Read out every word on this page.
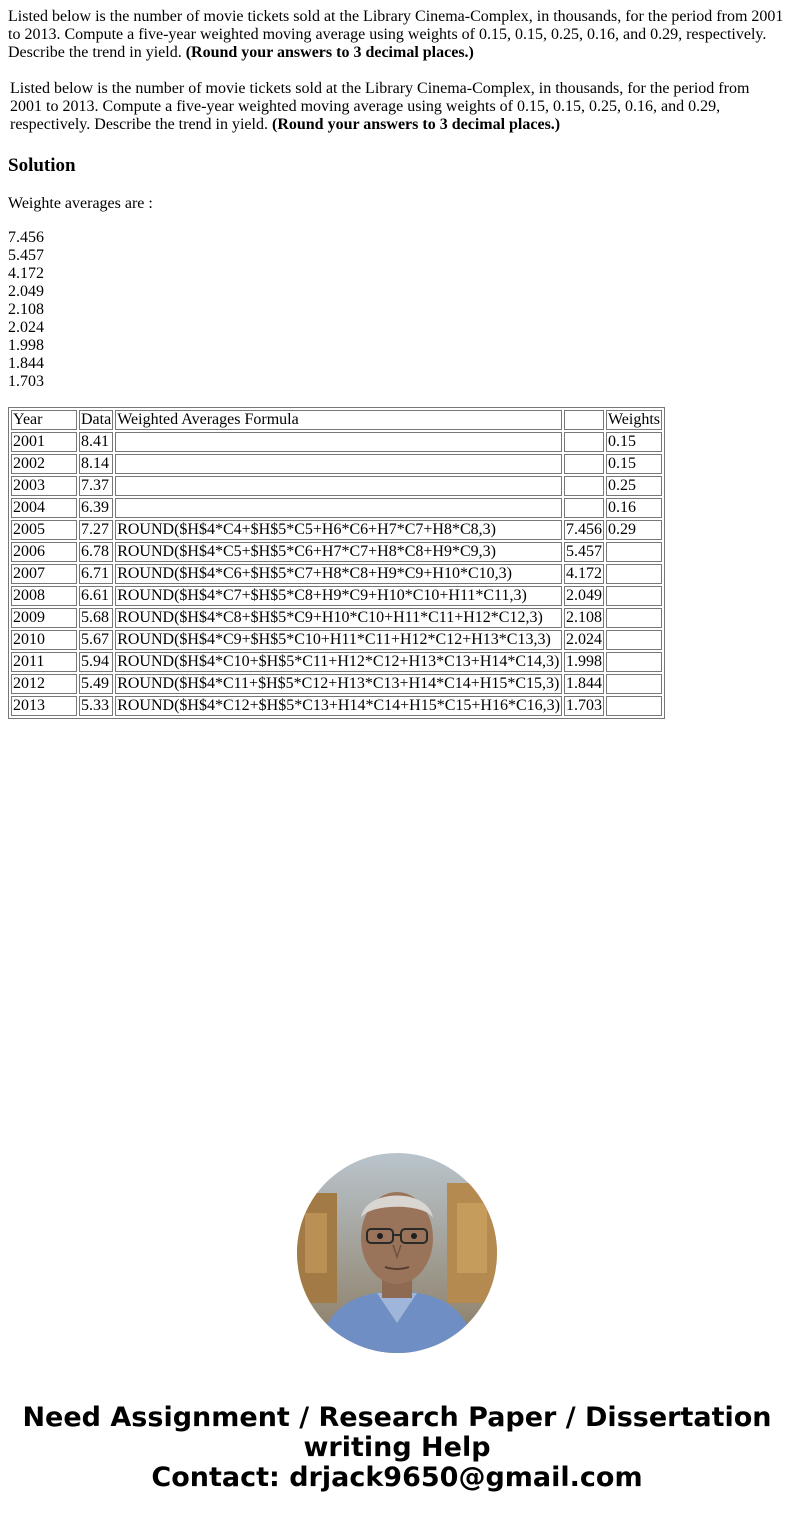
Listed below is the number of movie tickets sold at the Library Cinema-Complex, in thousands, for the period from 2001 to 2013. Compute a five-year weighted moving average using weights of 0.15, 0.15, 0.25, 0.16, and 0.29, respectively. Describe the trend in yield. (Round your answers to 3 decimal places.)

Listed below is the number of movie tickets sold at the Library Cinema-Complex, in thousands, for the period from 2001 to 2013. Compute a five-year weighted moving average using weights of 0.15, 0.15, 0.25, 0.16, and 0.29, respectively. Describe the trend in yield. (Round your answers to 3 decimal places.)

Solution

Weighte averages are :

7.456
5.457
4.172
2.049
2.108
2.024
1.998
1.844
1.703
Year	Data	Weighted Averages Formula		Weights
2001	8.41			0.15
2002	8.14			0.15
2003	7.37			0.25
2004	6.39			0.16
2005	7.27	ROUND($H$4*C4+$H$5*C5+H6*C6+H7*C7+H8*C8,3)	7.456	0.29
2006	6.78	ROUND($H$4*C5+$H$5*C6+H7*C7+H8*C8+H9*C9,3)	5.457	
2007	6.71	ROUND($H$4*C6+$H$5*C7+H8*C8+H9*C9+H10*C10,3)	4.172	
2008	6.61	ROUND($H$4*C7+$H$5*C8+H9*C9+H10*C10+H11*C11,3)	2.049	
2009	5.68	ROUND($H$4*C8+$H$5*C9+H10*C10+H11*C11+H12*C12,3)	2.108	
2010	5.67	ROUND($H$4*C9+$H$5*C10+H11*C11+H12*C12+H13*C13,3)	2.024	
2011	5.94	ROUND($H$4*C10+$H$5*C11+H12*C12+H13*C13+H14*C14,3)	1.998	
2012	5.49	ROUND($H$4*C11+$H$5*C12+H13*C13+H14*C14+H15*C15,3)	1.844	
2013	5.33	ROUND($H$4*C12+$H$5*C13+H14*C14+H15*C15+H16*C16,3)	1.703	
Need Assignment / Research Paper / Dissertation
writing Help
Contact: drjack9650@gmail.com
